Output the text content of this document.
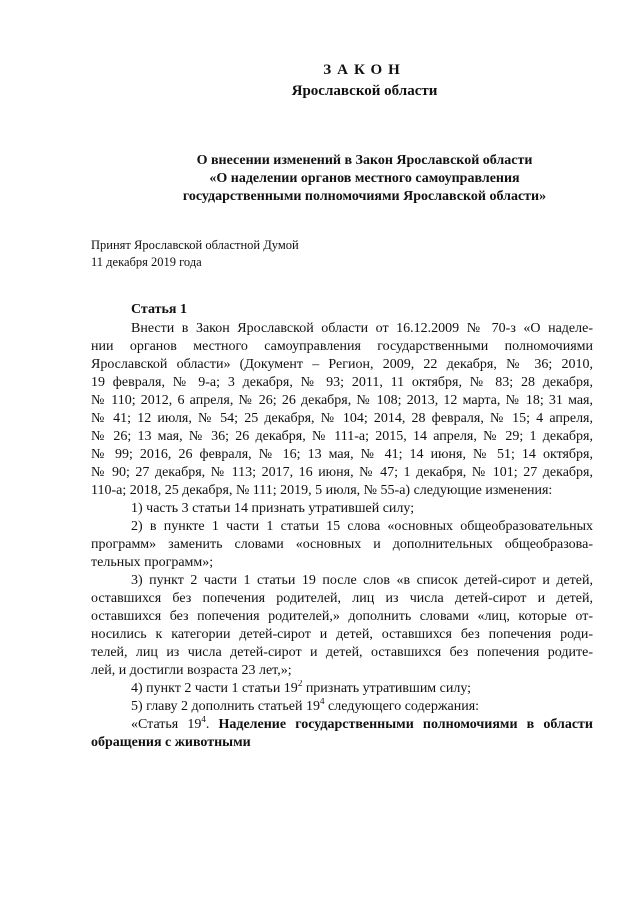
ЗАКОН
Ярославской области
О внесении изменений в Закон Ярославской области
«О наделении органов местного самоуправления
государственными полномочиями Ярославской области»
Принят Ярославской областной Думой
11 декабря 2019 года
Статья 1
Внести в Закон Ярославской области от 16.12.2009 № 70-з «О наделе-
нии органов местного самоуправления государственными полномочиями
Ярославской области» (Документ – Регион, 2009, 22 декабря, № 36; 2010,
19 февраля, № 9-а; 3 декабря, № 93; 2011, 11 октября, № 83; 28 декабря,
№ 110; 2012, 6 апреля, № 26; 26 декабря, № 108; 2013, 12 марта, № 18; 31 мая,
№ 41; 12 июля, № 54; 25 декабря, № 104; 2014, 28 февраля, № 15; 4 апреля,
№ 26; 13 мая, № 36; 26 декабря, № 111-а; 2015, 14 апреля, № 29; 1 декабря,
№ 99; 2016, 26 февраля, № 16; 13 мая, № 41; 14 июня, № 51; 14 октября,
№ 90; 27 декабря, № 113; 2017, 16 июня, № 47; 1 декабря, № 101; 27 декабря,
110-а; 2018, 25 декабря, № 111; 2019, 5 июля, № 55-а) следующие изменения:
1) часть 3 статьи 14 признать утратившей силу;
2) в пункте 1 части 1 статьи 15 слова «основных общеобразовательных
программ» заменить словами «основных и дополнительных общеобразова-
тельных программ»;
3) пункт 2 части 1 статьи 19 после слов «в список детей-сирот и детей,
оставшихся без попечения родителей, лиц из числа детей-сирот и детей,
оставшихся без попечения родителей,» дополнить словами «лиц, которые от-
носились к категории детей-сирот и детей, оставшихся без попечения роди-
телей, лиц из числа детей-сирот и детей, оставшихся без попечения родите-
лей, и достигли возраста 23 лет,»;
4) пункт 2 части 1 статьи $19^2$ признать утратившим силу;
5) главу 2 дополнить статьей $19^4$ следующего содержания:
«Статья $19^4$. Наделение государственными полномочиями в области
обращения с животными
